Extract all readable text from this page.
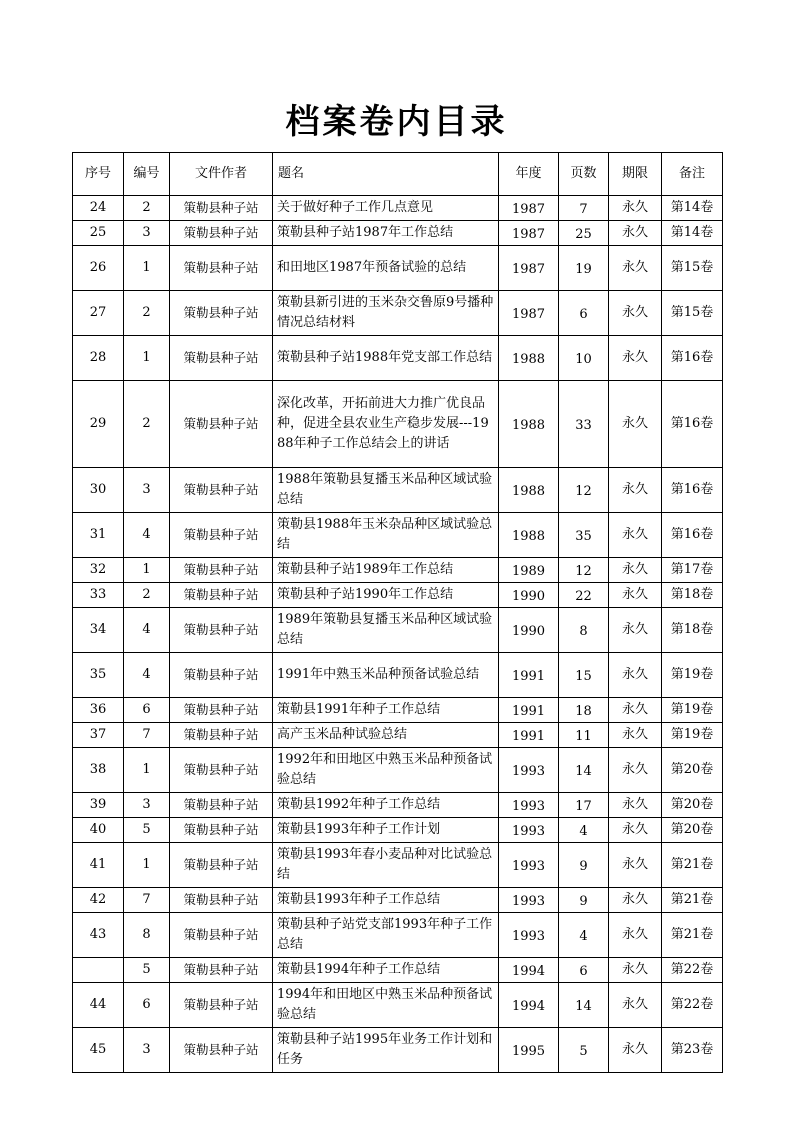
档案卷内目录
序号	编号	文件作者	题名	年度	页数	期限	备注
24	2	策勒县种子站	关于做好种子工作几点意见	1987	7	永久	第14卷
25	3	策勒县种子站	策勒县种子站1987年工作总结	1987	25	永久	第14卷
26	1	策勒县种子站	和田地区1987年预备试验的总结	1987	19	永久	第15卷
27	2	策勒县种子站	策勒县新引进的玉米杂交鲁原9号播种情况总结材料	1987	6	永久	第15卷
28	1	策勒县种子站	策勒县种子站1988年党支部工作总结	1988	10	永久	第16卷
29	2	策勒县种子站	深化改革，开拓前进大力推广优良品种，促进全县农业生产稳步发展---1988年种子工作总结会上的讲话	1988	33	永久	第16卷
30	3	策勒县种子站	1988年策勒县复播玉米品种区域试验总结	1988	12	永久	第16卷
31	4	策勒县种子站	策勒县1988年玉米杂品种区域试验总结	1988	35	永久	第16卷
32	1	策勒县种子站	策勒县种子站1989年工作总结	1989	12	永久	第17卷
33	2	策勒县种子站	策勒县种子站1990年工作总结	1990	22	永久	第18卷
34	4	策勒县种子站	1989年策勒县复播玉米品种区域试验总结	1990	8	永久	第18卷
35	4	策勒县种子站	1991年中熟玉米品种预备试验总结	1991	15	永久	第19卷
36	6	策勒县种子站	策勒县1991年种子工作总结	1991	18	永久	第19卷
37	7	策勒县种子站	高产玉米品种试验总结	1991	11	永久	第19卷
38	1	策勒县种子站	1992年和田地区中熟玉米品种预备试验总结	1993	14	永久	第20卷
39	3	策勒县种子站	策勒县1992年种子工作总结	1993	17	永久	第20卷
40	5	策勒县种子站	策勒县1993年种子工作计划	1993	4	永久	第20卷
41	1	策勒县种子站	策勒县1993年春小麦品种对比试验总结	1993	9	永久	第21卷
42	7	策勒县种子站	策勒县1993年种子工作总结	1993	9	永久	第21卷
43	8	策勒县种子站	策勒县种子站党支部1993年种子工作总结	1993	4	永久	第21卷
	5	策勒县种子站	策勒县1994年种子工作总结	1994	6	永久	第22卷
44	6	策勒县种子站	1994年和田地区中熟玉米品种预备试验总结	1994	14	永久	第22卷
45	3	策勒县种子站	策勒县种子站1995年业务工作计划和任务	1995	5	永久	第23卷
